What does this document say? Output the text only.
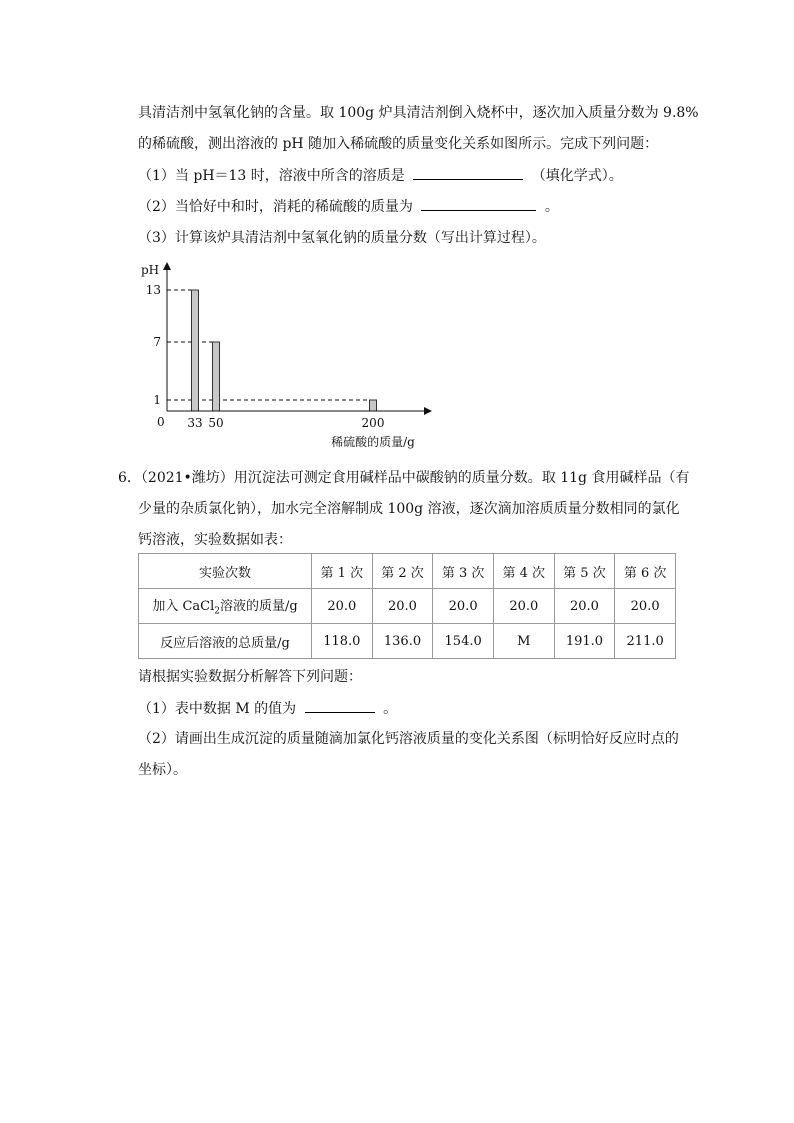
具清洁剂中氢氧化钠的含量。取 100g 炉具清洁剂倒入烧杯中，逐次加入质量分数为 9.8%
的稀硫酸，测出溶液的 pH 随加入稀硫酸的质量变化关系如图所示。完成下列问题：
（1）当 pH＝13 时，溶液中所含的溶质是	（填化学式）。
（2）当恰好中和时，消耗的稀硫酸的质量为	。
（3）计算该炉具清洁剂中氢氧化钠的质量分数（写出计算过程）。
pH
0
13
7
1
33 50	200
稀硫酸的质量/g
6．（2021•潍坊）用沉淀法可测定食用碱样品中碳酸钠的质量分数。取 11g 食用碱样品（有
少量的杂质氯化钠），加水完全溶解制成 100g 溶液，逐次滴加溶质质量分数相同的氯化
钙溶液，实验数据如表：
实验次数	第 1 次	第 2 次	第 3 次	第 4 次	第 5 次	第 6 次
加入 CaCl$_2$溶液的质量/g	20.0	20.0	20.0	20.0	20.0	20.0
反应后溶液的总质量/g	118.0	136.0	154.0	M	191.0	211.0
请根据实验数据分析解答下列问题：
（1）表中数据 M 的值为	。
（2）请画出生成沉淀的质量随滴加氯化钙溶液质量的变化关系图（标明恰好反应时点的
坐标）。
